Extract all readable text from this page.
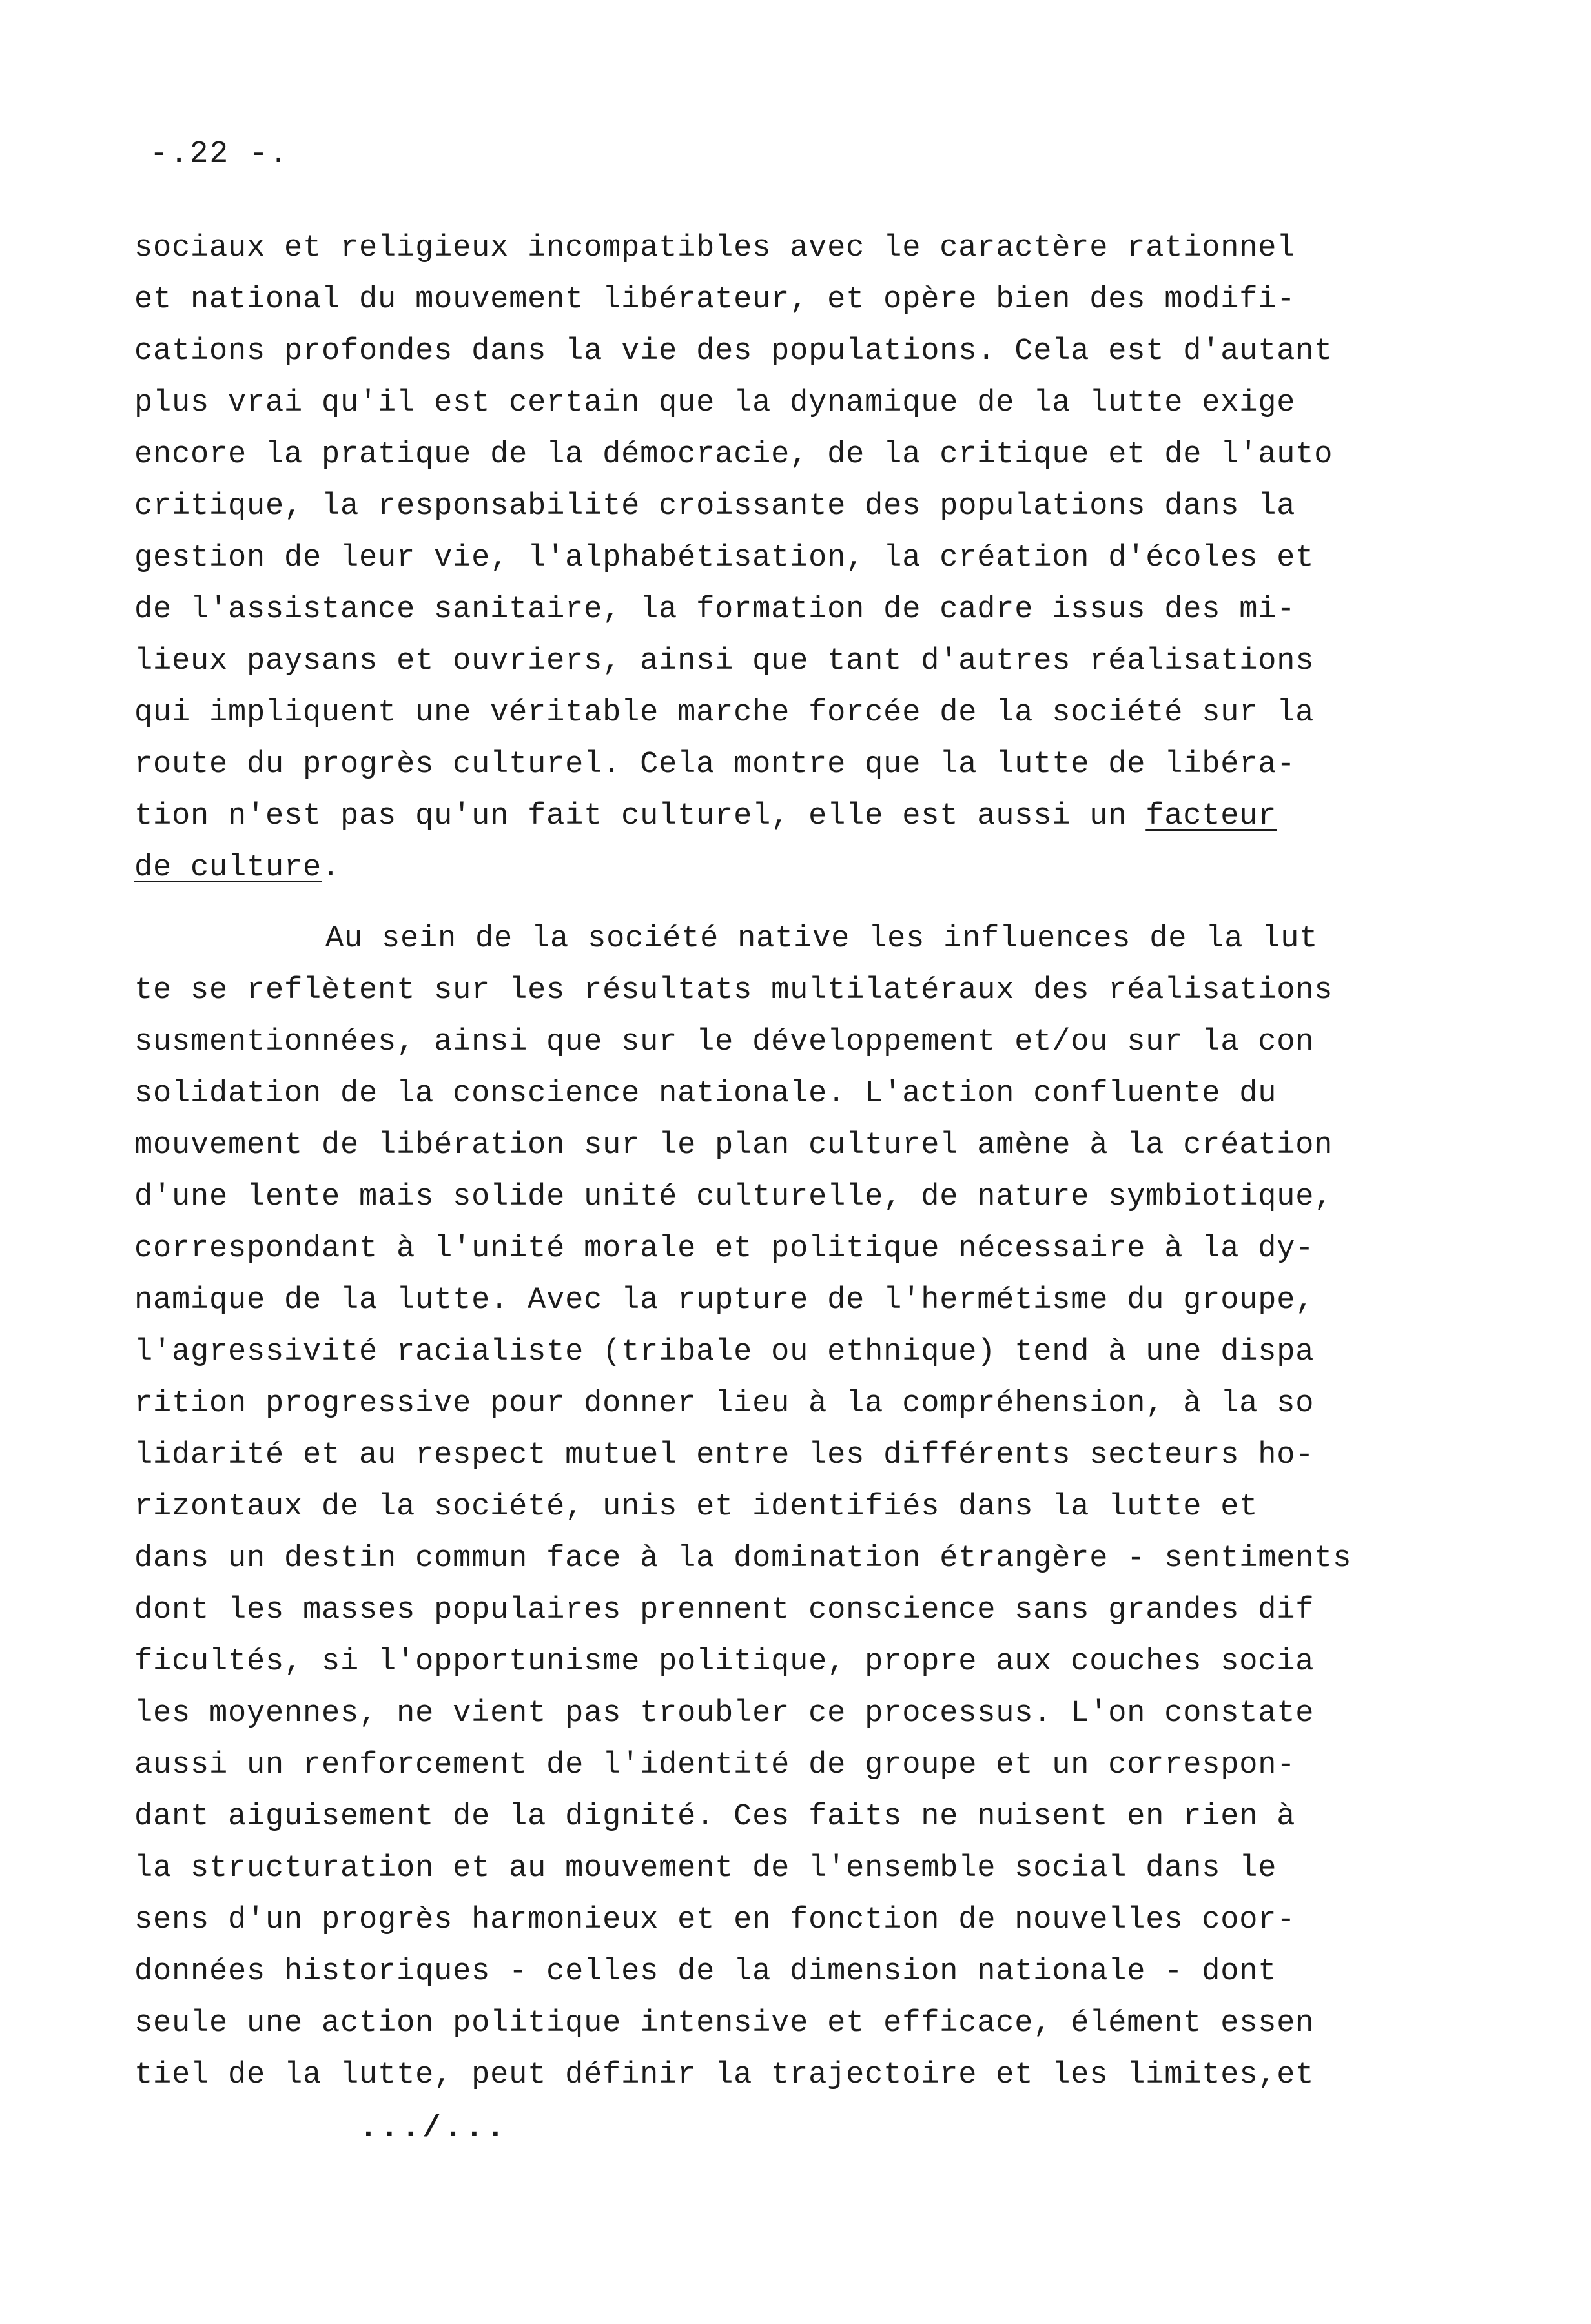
-.22 -.
sociaux et religieux incompatibles avec le caractère rationnel
et national du mouvement libérateur, et opère bien des modifi-
cations profondes dans la vie des populations. Cela est d'autant
plus vrai qu'il est certain que la dynamique de la lutte exige
encore la pratique de la démocracie, de la critique et de l'auto
critique, la responsabilité croissante des populations dans la
gestion de leur vie, l'alphabétisation, la création d'écoles et
de l'assistance sanitaire, la formation de cadre issus des mi-
lieux paysans et ouvriers, ainsi que tant d'autres réalisations
qui impliquent une véritable marche forcée de la société sur la
route du progrès culturel. Cela montre que la lutte de libéra-
tion n'est pas qu'un fait culturel, elle est aussi un facteur
de culture.
Au sein de la société native les influences de la lut
te se reflètent sur les résultats multilatéraux des réalisations
susmentionnées, ainsi que sur le développement et/ou sur la con
solidation de la conscience nationale. L'action confluente du
mouvement de libération sur le plan culturel amène à la création
d'une lente mais solide unité culturelle, de nature symbiotique,
correspondant à l'unité morale et politique nécessaire à la dy-
namique de la lutte. Avec la rupture de l'hermétisme du groupe,
l'agressivité racialiste (tribale ou ethnique) tend à une dispa
rition progressive pour donner lieu à la compréhension, à la so
lidarité et au respect mutuel entre les différents secteurs ho-
rizontaux de la société, unis et identifiés dans la lutte et
dans un destin commun face à la domination étrangère - sentiments
dont les masses populaires prennent conscience sans grandes dif
ficultés, si l'opportunisme politique, propre aux couches socia
les moyennes, ne vient pas troubler ce processus. L'on constate
aussi un renforcement de l'identité de groupe et un correspon-
dant aiguisement de la dignité. Ces faits ne nuisent en rien à
la structuration et au mouvement de l'ensemble social dans le
sens d'un progrès harmonieux et en fonction de nouvelles coor-
données historiques - celles de la dimension nationale - dont
seule une action politique intensive et efficace, élément essen
tiel de la lutte, peut définir la trajectoire et les limites,et
.../...
